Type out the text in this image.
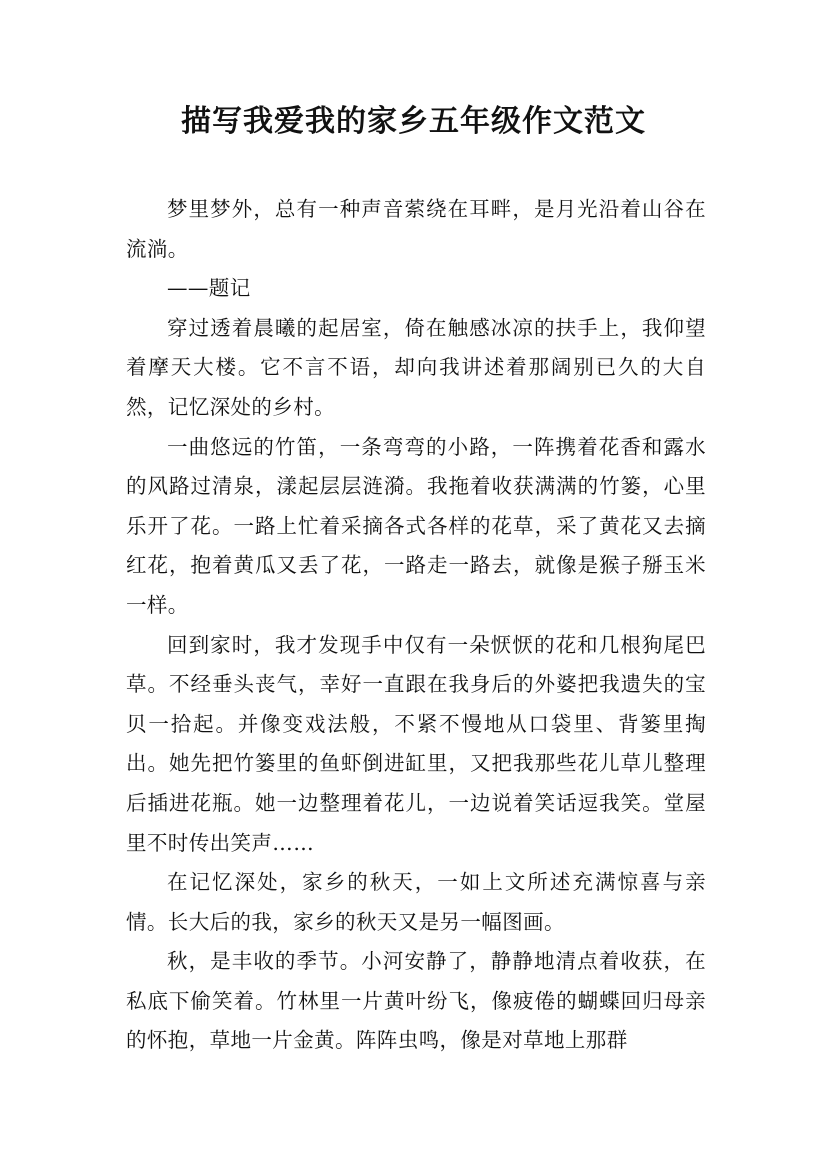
描写我爱我的家乡五年级作文范文

梦里梦外，总有一种声音萦绕在耳畔，是月光沿着山谷在流淌。

——题记

穿过透着晨曦的起居室，倚在触感冰凉的扶手上，我仰望着摩天大楼。它不言不语，却向我讲述着那阔别已久的大自然，记忆深处的乡村。

一曲悠远的竹笛，一条弯弯的小路，一阵携着花香和露水的风路过清泉，漾起层层涟漪。我拖着收获满满的竹篓，心里乐开了花。一路上忙着采摘各式各样的花草，采了黄花又去摘红花，抱着黄瓜又丢了花，一路走一路去，就像是猴子掰玉米一样。

回到家时，我才发现手中仅有一朵恹恹的花和几根狗尾巴草。不经垂头丧气，幸好一直跟在我身后的外婆把我遗失的宝贝一拾起。并像变戏法般，不紧不慢地从口袋里、背篓里掏出。她先把竹篓里的鱼虾倒进缸里，又把我那些花儿草儿整理后插进花瓶。她一边整理着花儿，一边说着笑话逗我笑。堂屋里不时传出笑声……

在记忆深处，家乡的秋天，一如上文所述充满惊喜与亲情。长大后的我，家乡的秋天又是另一幅图画。

秋，是丰收的季节。小河安静了，静静地清点着收获，在私底下偷笑着。竹林里一片黄叶纷飞，像疲倦的蝴蝶回归母亲的怀抱，草地一片金黄。阵阵虫鸣，像是对草地上那群
